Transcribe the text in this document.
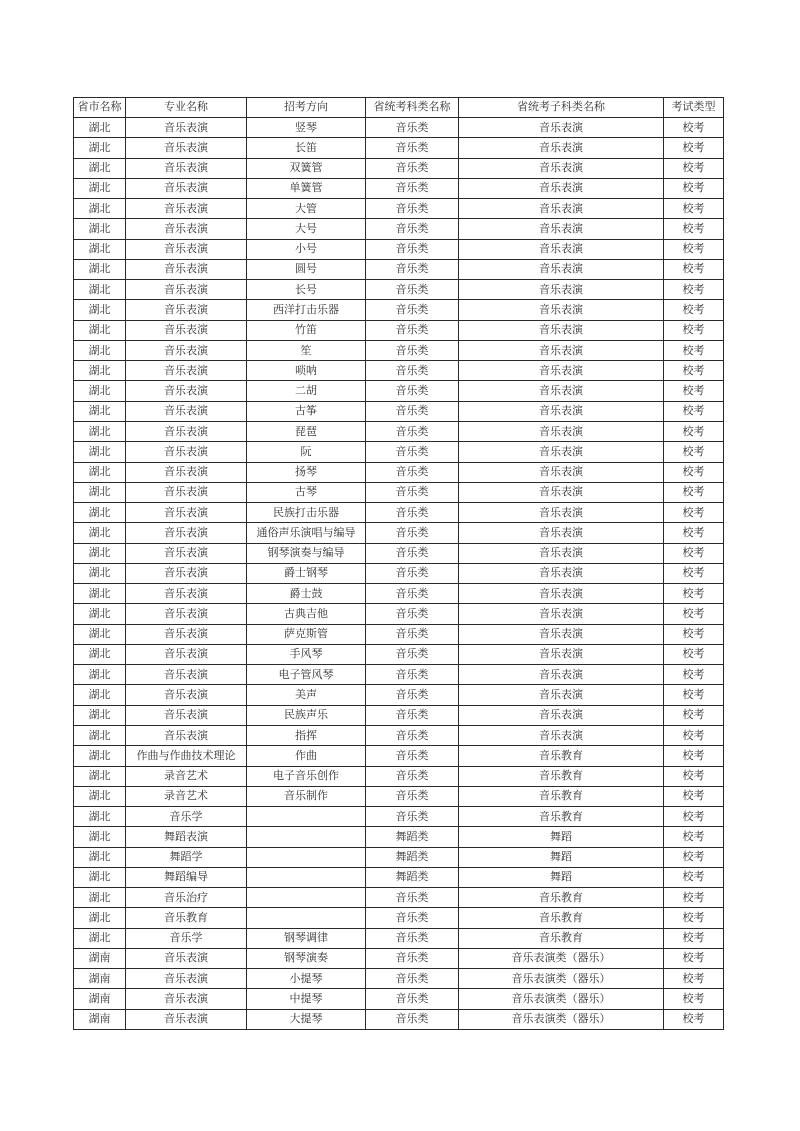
省市名称	专业名称	招考方向	省统考科类名称	省统考子科类名称	考试类型
湖北	音乐表演	竖琴	音乐类	音乐表演	校考
湖北	音乐表演	长笛	音乐类	音乐表演	校考
湖北	音乐表演	双簧管	音乐类	音乐表演	校考
湖北	音乐表演	单簧管	音乐类	音乐表演	校考
湖北	音乐表演	大管	音乐类	音乐表演	校考
湖北	音乐表演	大号	音乐类	音乐表演	校考
湖北	音乐表演	小号	音乐类	音乐表演	校考
湖北	音乐表演	圆号	音乐类	音乐表演	校考
湖北	音乐表演	长号	音乐类	音乐表演	校考
湖北	音乐表演	西洋打击乐器	音乐类	音乐表演	校考
湖北	音乐表演	竹笛	音乐类	音乐表演	校考
湖北	音乐表演	笙	音乐类	音乐表演	校考
湖北	音乐表演	唢呐	音乐类	音乐表演	校考
湖北	音乐表演	二胡	音乐类	音乐表演	校考
湖北	音乐表演	古筝	音乐类	音乐表演	校考
湖北	音乐表演	琵琶	音乐类	音乐表演	校考
湖北	音乐表演	阮	音乐类	音乐表演	校考
湖北	音乐表演	扬琴	音乐类	音乐表演	校考
湖北	音乐表演	古琴	音乐类	音乐表演	校考
湖北	音乐表演	民族打击乐器	音乐类	音乐表演	校考
湖北	音乐表演	通俗声乐演唱与编导	音乐类	音乐表演	校考
湖北	音乐表演	钢琴演奏与编导	音乐类	音乐表演	校考
湖北	音乐表演	爵士钢琴	音乐类	音乐表演	校考
湖北	音乐表演	爵士鼓	音乐类	音乐表演	校考
湖北	音乐表演	古典吉他	音乐类	音乐表演	校考
湖北	音乐表演	萨克斯管	音乐类	音乐表演	校考
湖北	音乐表演	手风琴	音乐类	音乐表演	校考
湖北	音乐表演	电子管风琴	音乐类	音乐表演	校考
湖北	音乐表演	美声	音乐类	音乐表演	校考
湖北	音乐表演	民族声乐	音乐类	音乐表演	校考
湖北	音乐表演	指挥	音乐类	音乐表演	校考
湖北	作曲与作曲技术理论	作曲	音乐类	音乐教育	校考
湖北	录音艺术	电子音乐创作	音乐类	音乐教育	校考
湖北	录音艺术	音乐制作	音乐类	音乐教育	校考
湖北	音乐学		音乐类	音乐教育	校考
湖北	舞蹈表演		舞蹈类	舞蹈	校考
湖北	舞蹈学		舞蹈类	舞蹈	校考
湖北	舞蹈编导		舞蹈类	舞蹈	校考
湖北	音乐治疗		音乐类	音乐教育	校考
湖北	音乐教育		音乐类	音乐教育	校考
湖北	音乐学	钢琴调律	音乐类	音乐教育	校考
湖南	音乐表演	钢琴演奏	音乐类	音乐表演类（器乐）	校考
湖南	音乐表演	小提琴	音乐类	音乐表演类（器乐）	校考
湖南	音乐表演	中提琴	音乐类	音乐表演类（器乐）	校考
湖南	音乐表演	大提琴	音乐类	音乐表演类（器乐）	校考
